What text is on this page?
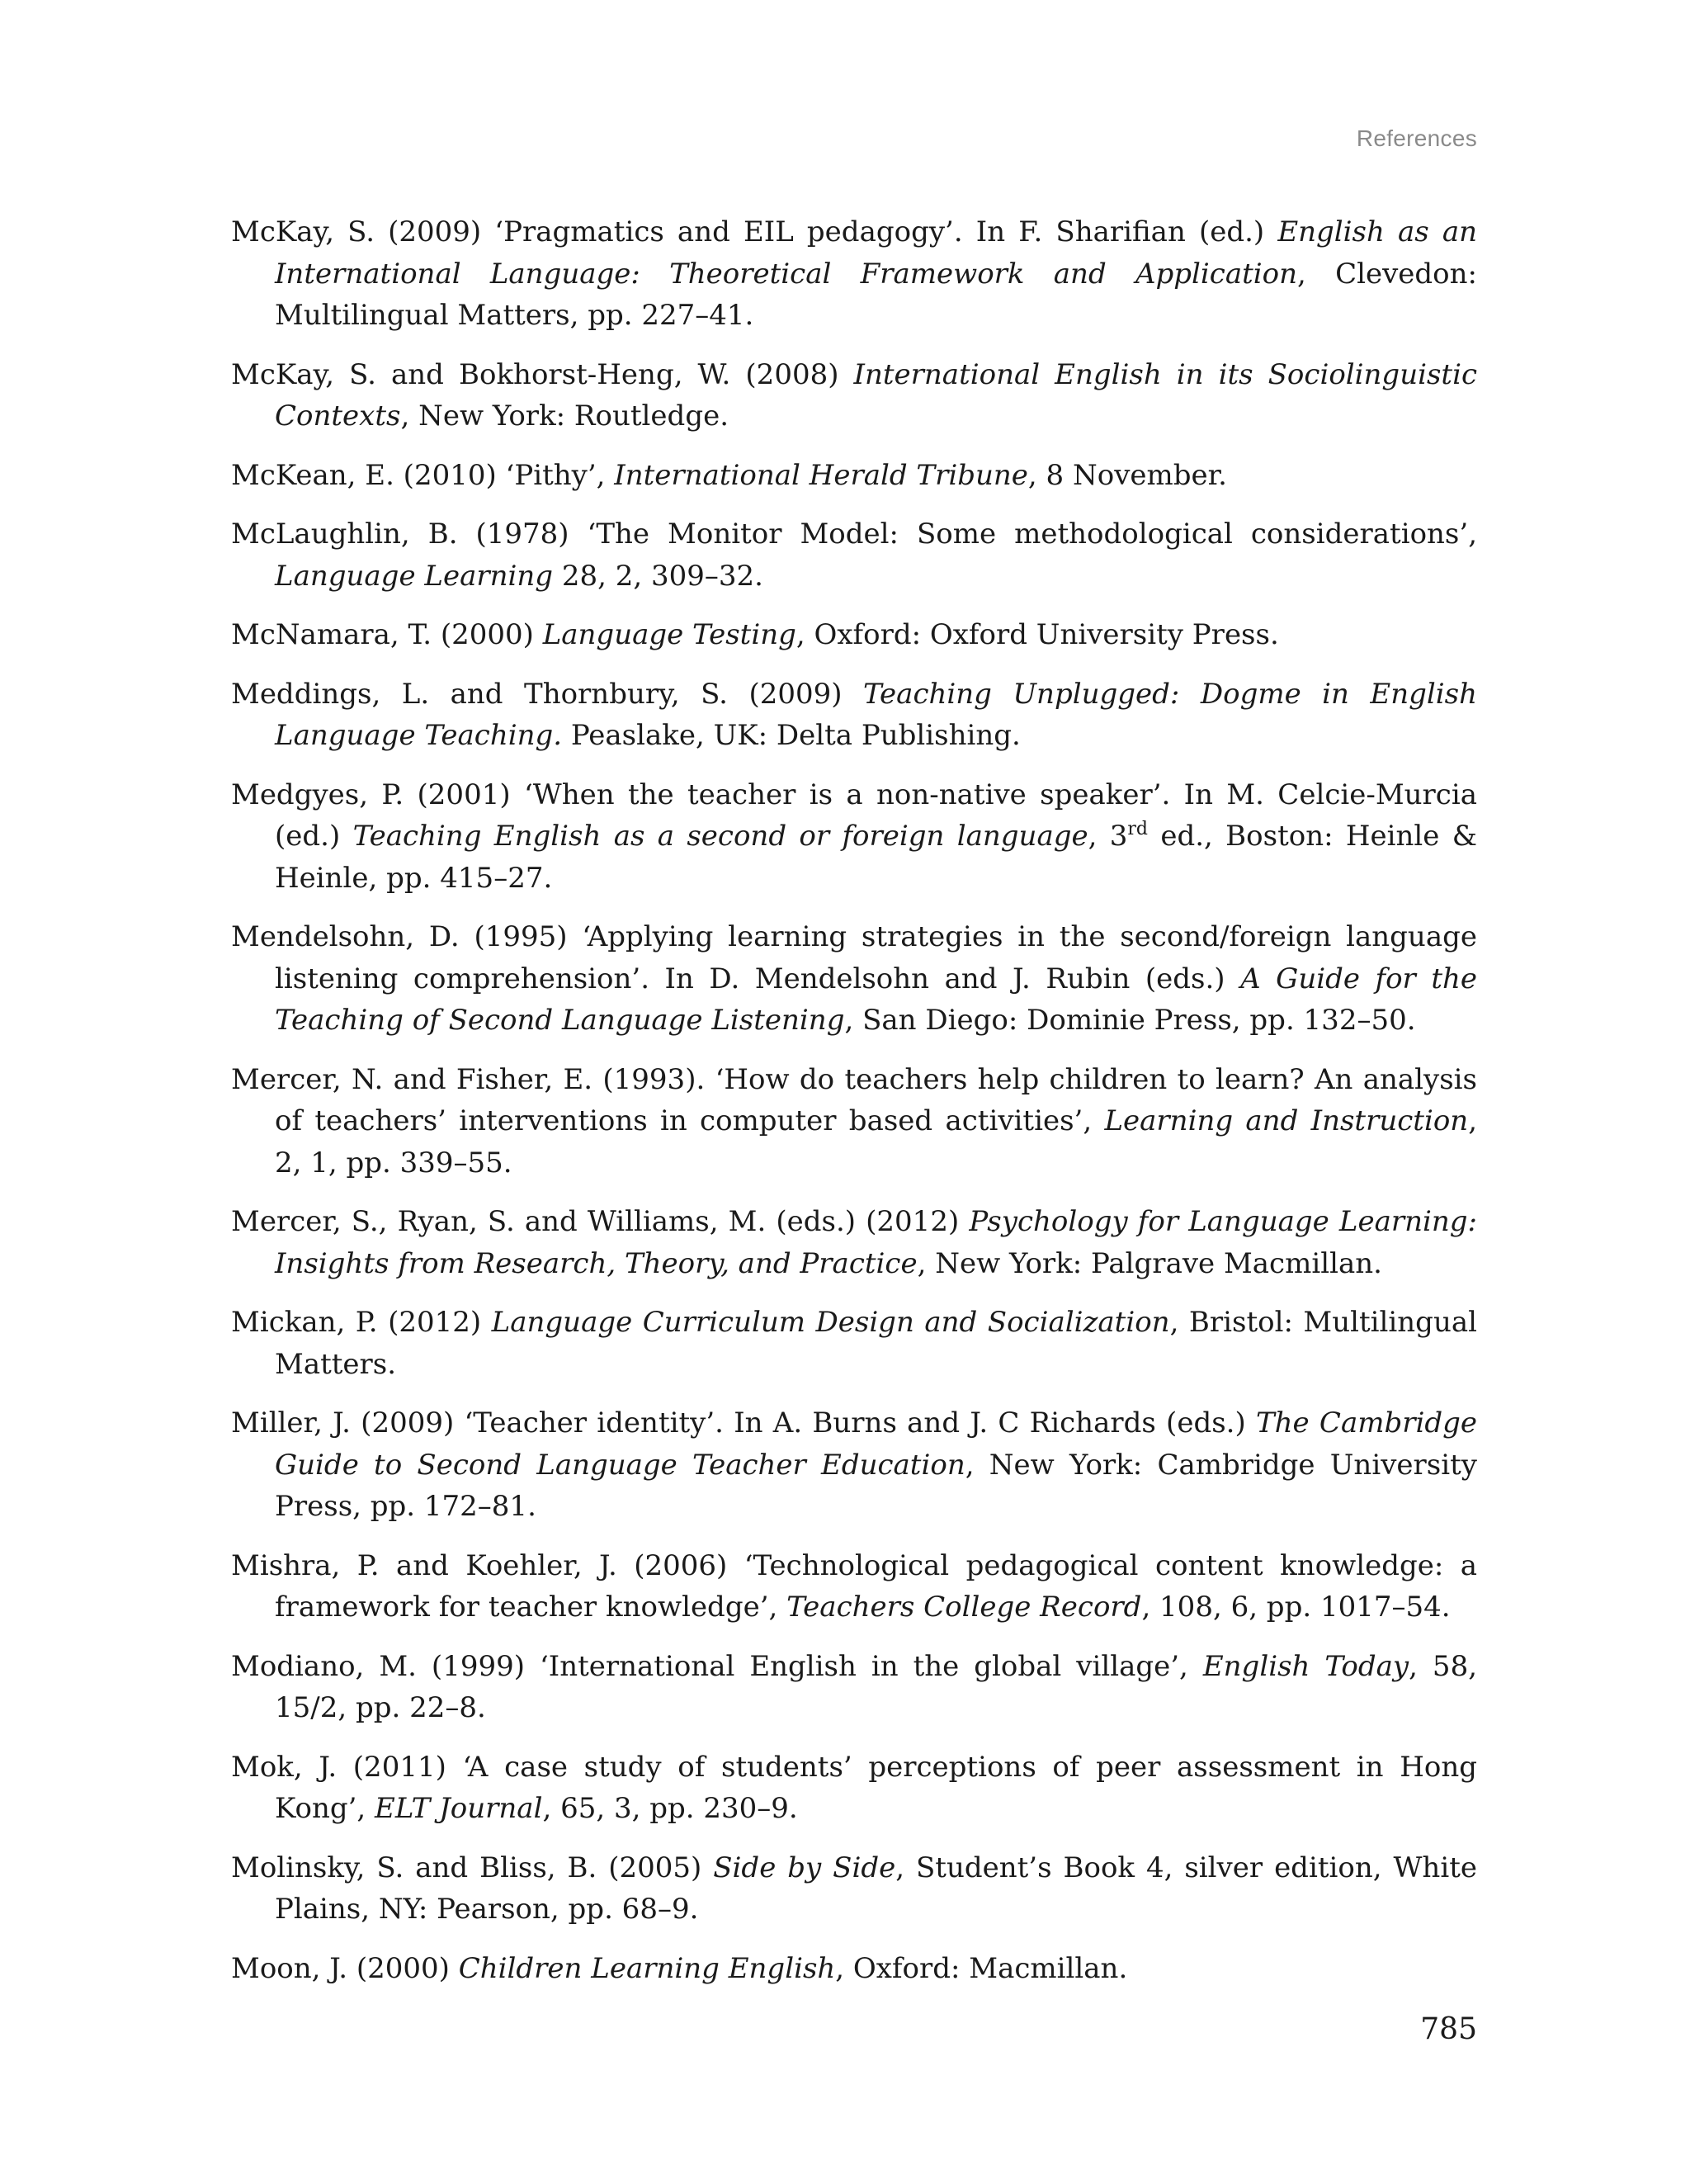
References
McKay, S. (2009) ‘Pragmatics and EIL pedagogy’. In F. Sharifian (ed.) English as an International Language: Theoretical Framework and Application, Clevedon: Multilingual Matters, pp. 227–41.
McKay, S. and Bokhorst-Heng, W. (2008) International English in its Sociolinguistic Contexts, New York: Routledge.
McKean, E. (2010) ‘Pithy’, International Herald Tribune, 8 November.
McLaughlin, B. (1978) ‘The Monitor Model: Some methodological considerations’, Language Learning 28, 2, 309–32.
McNamara, T. (2000) Language Testing, Oxford: Oxford University Press.
Meddings, L. and Thornbury, S. (2009) Teaching Unplugged: Dogme in English Language Teaching. Peaslake, UK: Delta Publishing.
Medgyes, P. (2001) ‘When the teacher is a non-native speaker’. In M. Celcie-Murcia (ed.) Teaching English as a second or foreign language, 3rd ed., Boston: Heinle & Heinle, pp. 415–27.
Mendelsohn, D. (1995) ‘Applying learning strategies in the second/foreign language listening comprehension’. In D. Mendelsohn and J. Rubin (eds.) A Guide for the Teaching of Second Language Listening, San Diego: Dominie Press, pp. 132–50.
Mercer, N. and Fisher, E. (1993). ‘How do teachers help children to learn? An analysis of teachers’ interventions in computer based activities’, Learning and Instruction, 2, 1, pp. 339–55.
Mercer, S., Ryan, S. and Williams, M. (eds.) (2012) Psychology for Language Learning: Insights from Research, Theory, and Practice, New York: Palgrave Macmillan.
Mickan, P. (2012) Language Curriculum Design and Socialization, Bristol: Multilingual Matters.
Miller, J. (2009) ‘Teacher identity’. In A. Burns and J. C Richards (eds.) The Cambridge Guide to Second Language Teacher Education, New York: Cambridge University Press, pp. 172–81.
Mishra, P. and Koehler, J. (2006) ‘Technological pedagogical content knowledge: a framework for teacher knowledge’, Teachers College Record, 108, 6, pp. 1017–54.
Modiano, M. (1999) ‘International English in the global village’, English Today, 58, 15/2, pp. 22–8.
Mok, J. (2011) ‘A case study of students’ perceptions of peer assessment in Hong Kong’, ELT Journal, 65, 3, pp. 230–9.
Molinsky, S. and Bliss, B. (2005) Side by Side, Student’s Book 4, silver edition, White Plains, NY: Pearson, pp. 68–9.
Moon, J. (2000) Children Learning English, Oxford: Macmillan.
785
